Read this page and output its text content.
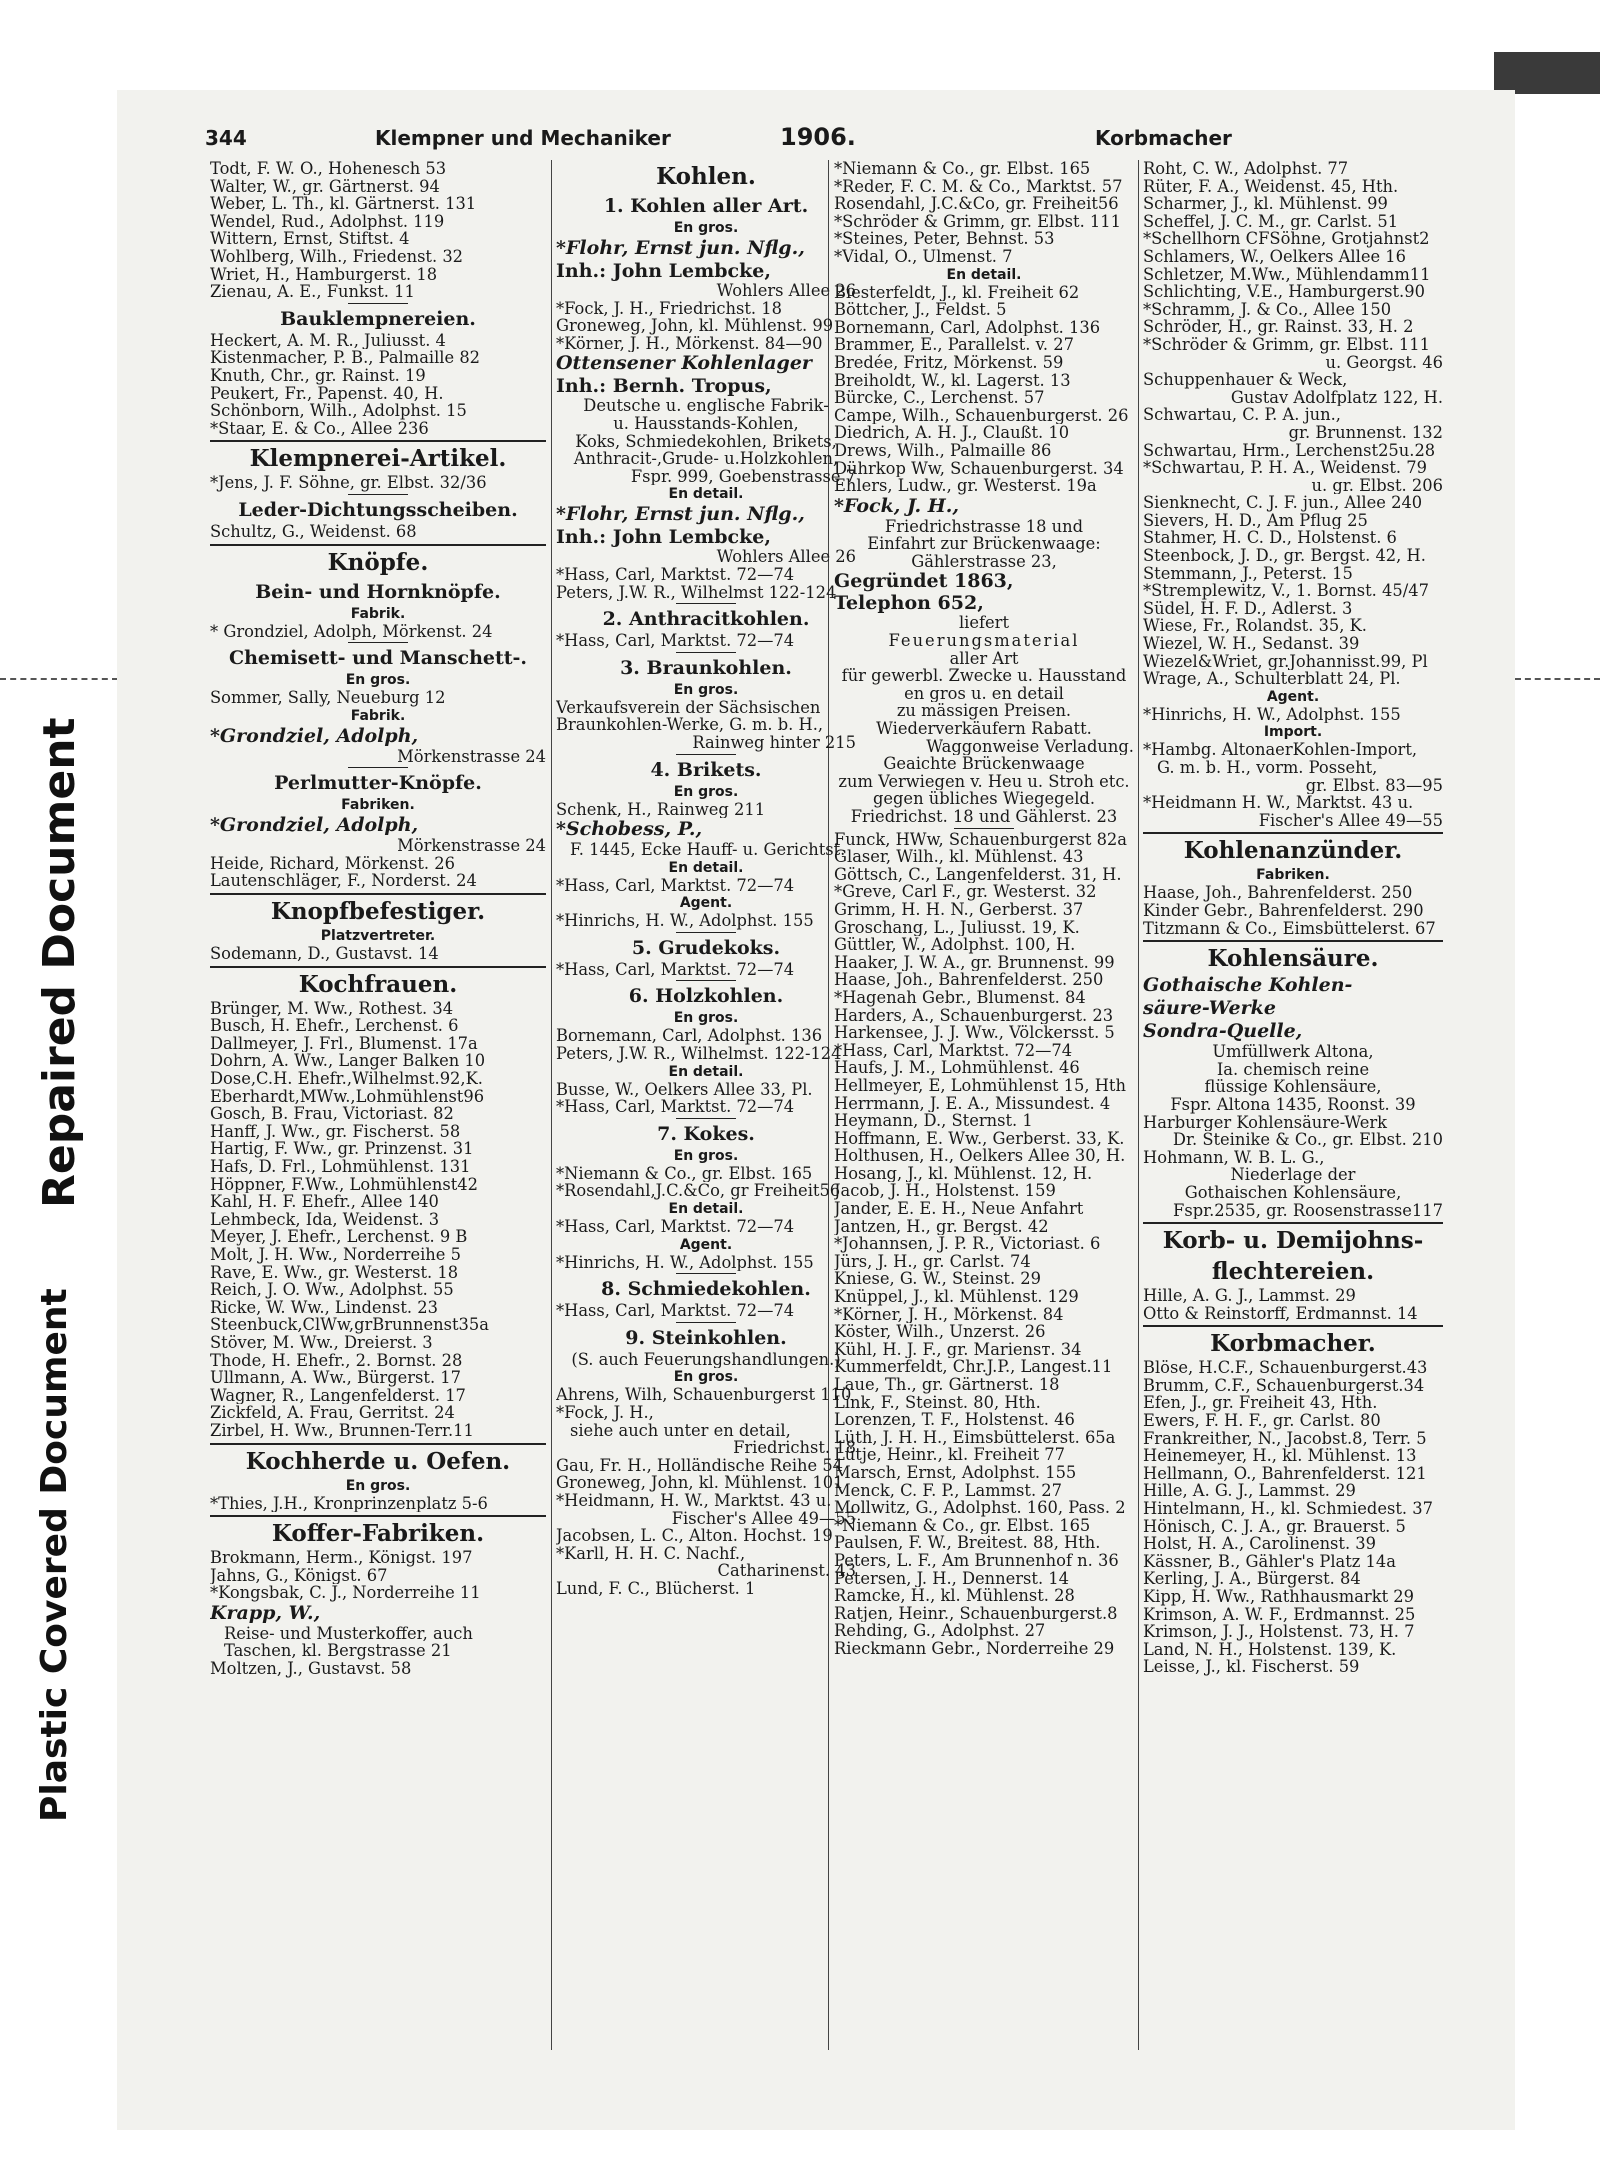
Repaired Document
Plastic Covered Document
344	Klempner und Mechaniker	1906.	Korbmacher
Todt, F. W. O., Hohenesch 53
Walter, W., gr. Gärtnerst. 94
Weber, L. Th., kl. Gärtnerst. 131
Wendel, Rud., Adolphst. 119
Wittern, Ernst, Stiftst. 4
Wohlberg, Wilh., Friedenst. 32
Wriet, H., Hamburgerst. 18
Zienau, A. E., Funkst. 11
Bauklempnereien.
Heckert, A. M. R., Juliusst. 4
Kistenmacher, P. B., Palmaille 82
Knuth, Chr., gr. Rainst. 19
Peukert, Fr., Papenst. 40, H.
Schönborn, Wilh., Adolphst. 15
*Staar, E. & Co., Allee 236
Klempnerei-Artikel.
*Jens, J. F. Söhne, gr. Elbst. 32/36
Leder-Dichtungsscheiben.
Schultz, G., Weidenst. 68
Knöpfe.
Bein- und Hornknöpfe.
Fabrik.
* Grondziel, Adolph, Mörkenst. 24
Chemisett- und Manschett-.
En gros.
Sommer, Sally, Neueburg 12
Fabrik.
*Grondziel, Adolph,
Mörkenstrasse 24
Perlmutter-Knöpfe.
Fabriken.
*Grondziel, Adolph,
Mörkenstrasse 24
Heide, Richard, Mörkenst. 26
Lautenschläger, F., Norderst. 24
Knopfbefestiger.
Platzvertreter.
Sodemann, D., Gustavst. 14
Kochfrauen.
Brünger, M. Ww., Rothest. 34
Busch, H. Ehefr., Lerchenst. 6
Dallmeyer, J. Frl., Blumenst. 17a
Dohrn, A. Ww., Langer Balken 10
Dose,C.H. Ehefr.,Wilhelmst.92,K.
Eberhardt,MWw.,Lohmühlenst96
Gosch, B. Frau, Victoriast. 82
Hanff, J. Ww., gr. Fischerst. 58
Hartig, F. Ww., gr. Prinzenst. 31
Hafs, D. Frl., Lohmühlenst. 131
Höppner, F.Ww., Lohmühlenst42
Kahl, H. F. Ehefr., Allee 140
Lehmbeck, Ida, Weidenst. 3
Meyer, J. Ehefr., Lerchenst. 9 B
Molt, J. H. Ww., Norderreihe 5
Rave, E. Ww., gr. Westerst. 18
Reich, J. O. Ww., Adolphst. 55
Ricke, W. Ww., Lindenst. 23
Steenbuck,ClWw,grBrunnenst35a
Stöver, M. Ww., Dreierst. 3
Thode, H. Ehefr., 2. Bornst. 28
Ullmann, A. Ww., Bürgerst. 17
Wagner, R., Langenfelderst. 17
Zickfeld, A. Frau, Gerritst. 24
Zirbel, H. Ww., Brunnen-Terr.11
Kochherde u. Oefen.
En gros.
*Thies, J.H., Kronprinzenplatz 5-6
Koffer-Fabriken.
Brokmann, Herm., Königst. 197
Jahns, G., Königst. 67
*Kongsbak, C. J., Norderreihe 11
Krapp, W.,
Reise- und Musterkoffer, auch
Taschen, kl. Bergstrasse 21
Moltzen, J., Gustavst. 58
Kohlen.
1. Kohlen aller Art.
En gros.
*Flohr, Ernst jun. Nflg.,
Inh.: John Lembcke,
Wohlers Allee 26
*Fock, J. H., Friedrichst. 18
Groneweg, John, kl. Mühlenst. 99
*Körner, J. H., Mörkenst. 84—90
Ottensener Kohlenlager
Inh.: Bernh. Tropus,
Deutsche u. englische Fabrik-
u. Hausstands-Kohlen,
Koks, Schmiedekohlen, Brikets,
Anthracit-,Grude- u.Holzkohlen,
Fspr. 999, Goebenstrasse 7
En detail.
*Flohr, Ernst jun. Nflg.,
Inh.: John Lembcke,
Wohlers Allee 26
*Hass, Carl, Marktst. 72—74
Peters, J.W. R., Wilhelmst 122-124
2. Anthracitkohlen.
*Hass, Carl, Marktst. 72—74
3. Braunkohlen.
En gros.
Verkaufsverein der Sächsischen
Braunkohlen-Werke, G. m. b. H.,
Rainweg hinter 215
4. Brikets.
En gros.
Schenk, H., Rainweg 211
*Schobess, P.,
F. 1445, Ecke Hauff- u. Gerichtst.
En detail.
*Hass, Carl, Marktst. 72—74
Agent.
*Hinrichs, H. W., Adolphst. 155
5. Grudekoks.
*Hass, Carl, Marktst. 72—74
6. Holzkohlen.
En gros.
Bornemann, Carl, Adolphst. 136
Peters, J.W. R., Wilhelmst. 122-124
En detail.
Busse, W., Oelkers Allee 33, Pl.
*Hass, Carl, Marktst. 72—74
7. Kokes.
En gros.
*Niemann & Co., gr. Elbst. 165
*Rosendahl,J.C.&Co, gr Freiheit56
En detail.
*Hass, Carl, Marktst. 72—74
Agent.
*Hinrichs, H. W., Adolphst. 155
8. Schmiedekohlen.
*Hass, Carl, Marktst. 72—74
9. Steinkohlen.
(S. auch Feuerungshandlungen.)
En gros.
Ahrens, Wilh, Schauenburgerst 110
*Fock, J. H.,
siehe auch unter en detail,
Friedrichst. 18
Gau, Fr. H., Holländische Reihe 54
Groneweg, John, kl. Mühlenst. 101
*Heidmann, H. W., Marktst. 43 u.
Fischer's Allee 49—55
Jacobsen, L. C., Alton. Hochst. 19
*Karll, H. H. C. Nachf.,
Catharinenst. 43
Lund, F. C., Blücherst. 1
*Niemann & Co., gr. Elbst. 165
*Reder, F. C. M. & Co., Marktst. 57
Rosendahl, J.C.&Co, gr. Freiheit56
*Schröder & Grimm, gr. Elbst. 111
*Steines, Peter, Behnst. 53
*Vidal, O., Ulmenst. 7
En detail.
Biesterfeldt, J., kl. Freiheit 62
Böttcher, J., Feldst. 5
Bornemann, Carl, Adolphst. 136
Brammer, E., Parallelst. v. 27
Bredée, Fritz, Mörkenst. 59
Breiholdt, W., kl. Lagerst. 13
Bürcke, C., Lerchenst. 57
Campe, Wilh., Schauenburgerst. 26
Diedrich, A. H. J., Claußt. 10
Drews, Wilh., Palmaille 86
Dührkop Ww, Schauenburgerst. 34
Ehlers, Ludw., gr. Westerst. 19a
*Fock, J. H.,
Friedrichstrasse 18 und
Einfahrt zur Brückenwaage:
Gählerstrasse 23,
Gegründet 1863,
Telephon 652,
liefert
Feuerungsmaterial
aller Art
für gewerbl. Zwecke u. Hausstand
en gros u. en detail
zu mässigen Preisen.
Wiederverkäufern Rabatt.
Waggonweise Verladung.
Geaichte Brückenwaage
zum Verwiegen v. Heu u. Stroh etc.
gegen übliches Wiegegeld.
Friedrichst. 18 und Gählerst. 23
Funck, HWw, Schauenburgerst 82a
Glaser, Wilh., kl. Mühlenst. 43
Göttsch, C., Langenfelderst. 31, H.
*Greve, Carl F., gr. Westerst. 32
Grimm, H. H. N., Gerberst. 37
Groschang, L., Juliusst. 19, K.
Güttler, W., Adolphst. 100, H.
Haaker, J. W. A., gr. Brunnenst. 99
Haase, Joh., Bahrenfelderst. 250
*Hagenah Gebr., Blumenst. 84
Harders, A., Schauenburgerst. 23
Harkensee, J. J. Ww., Völckersst. 5
*Hass, Carl, Marktst. 72—74
Haufs, J. M., Lohmühlenst. 46
Hellmeyer, E, Lohmühlenst 15, Hth
Herrmann, J. E. A., Missundest. 4
Heymann, D., Sternst. 1
Hoffmann, E. Ww., Gerberst. 33, K.
Holthusen, H., Oelkers Allee 30, H.
Hosang, J., kl. Mühlenst. 12, H.
Jacob, J. H., Holstenst. 159
Jander, E. E. H., Neue Anfahrt
Jantzen, H., gr. Bergst. 42
*Johannsen, J. P. R., Victoriast. 6
Jürs, J. H., gr. Carlst. 74
Kniese, G. W., Steinst. 29
Knüppel, J., kl. Mühlenst. 129
*Körner, J. H., Mörkenst. 84
Köster, Wilh., Unzerst. 26
Kühl, H. J. F., gr. Mariensт. 34
Kummerfeldt, Chr.J.P., Langest.11
Laue, Th., gr. Gärtnerst. 18
Link, F., Steinst. 80, Hth.
Lorenzen, T. F., Holstenst. 46
Lüth, J. H. H., Eimsbüttelerst. 65a
Lütje, Heinr., kl. Freiheit 77
Marsch, Ernst, Adolphst. 155
Menck, C. F. P., Lammst. 27
Mollwitz, G., Adolphst. 160, Pass. 2
*Niemann & Co., gr. Elbst. 165
Paulsen, F. W., Breitest. 88, Hth.
Peters, L. F., Am Brunnenhof n. 36
Petersen, J. H., Dennerst. 14
Ramcke, H., kl. Mühlenst. 28
Ratjen, Heinr., Schauenburgerst.8
Rehding, G., Adolphst. 27
Rieckmann Gebr., Norderreihe 29
Roht, C. W., Adolphst. 77
Rüter, F. A., Weidenst. 45, Hth.
Scharmer, J., kl. Mühlenst. 99
Scheffel, J. C. M., gr. Carlst. 51
*Schellhorn CFSöhne, Grotjahnst2
Schlamers, W., Oelkers Allee 16
Schletzer, M.Ww., Mühlendamm11
Schlichting, V.E., Hamburgerst.90
*Schramm, J. & Co., Allee 150
Schröder, H., gr. Rainst. 33, H. 2
*Schröder & Grimm, gr. Elbst. 111
u. Georgst. 46
Schuppenhauer & Weck,
Gustav Adolfplatz 122, H.
Schwartau, C. P. A. jun.,
gr. Brunnenst. 132
Schwartau, Hrm., Lerchenst25u.28
*Schwartau, P. H. A., Weidenst. 79
u. gr. Elbst. 206
Sienknecht, C. J. F. jun., Allee 240
Sievers, H. D., Am Pflug 25
Stahmer, H. C. D., Holstenst. 6
Steenbock, J. D., gr. Bergst. 42, H.
Stemmann, J., Peterst. 15
*Stremplewitz, V., 1. Bornst. 45/47
Südel, H. F. D., Adlerst. 3
Wiese, Fr., Rolandst. 35, K.
Wiezel, W. H., Sedanst. 39
Wiezel&Wriet, gr.Johannisst.99, Pl
Wrage, A., Schulterblatt 24, Pl.
Agent.
*Hinrichs, H. W., Adolphst. 155
Import.
*Hambg. AltonaerKohlen-Import,
G. m. b. H., vorm. Posseht,
gr. Elbst. 83—95
*Heidmann H. W., Marktst. 43 u.
Fischer's Allee 49—55
Kohlenanzünder.
Fabriken.
Haase, Joh., Bahrenfelderst. 250
Kinder Gebr., Bahrenfelderst. 290
Titzmann & Co., Eimsbüttelerst. 67
Kohlensäure.
Gothaische Kohlen-
säure-Werke
Sondra-Quelle,
Umfüllwerk Altona,
Ia. chemisch reine
flüssige Kohlensäure,
Fspr. Altona 1435, Roonst. 39
Harburger Kohlensäure-Werk
Dr. Steinike & Co., gr. Elbst. 210
Hohmann, W. B. L. G.,
Niederlage der
Gothaischen Kohlensäure,
Fspr.2535, gr. Roosenstrasse117
Korb- u. Demijohns-
flechtereien.
Hille, A. G. J., Lammst. 29
Otto & Reinstorff, Erdmannst. 14
Korbmacher.
Blöse, H.C.F., Schauenburgerst.43
Brumm, C.F., Schauenburgerst.34
Efen, J., gr. Freiheit 43, Hth.
Ewers, F. H. F., gr. Carlst. 80
Frankreither, N., Jacobst.8, Terr. 5
Heinemeyer, H., kl. Mühlenst. 13
Hellmann, O., Bahrenfelderst. 121
Hille, A. G. J., Lammst. 29
Hintelmann, H., kl. Schmiedest. 37
Hönisch, C. J. A., gr. Brauerst. 5
Holst, H. A., Carolinenst. 39
Kässner, B., Gähler's Platz 14a
Kerling, J. A., Bürgerst. 84
Kipp, H. Ww., Rathhausmarkt 29
Krimson, A. W. F., Erdmannst. 25
Krimson, J. J., Holstenst. 73, H. 7
Land, N. H., Holstenst. 139, K.
Leisse, J., kl. Fischerst. 59
